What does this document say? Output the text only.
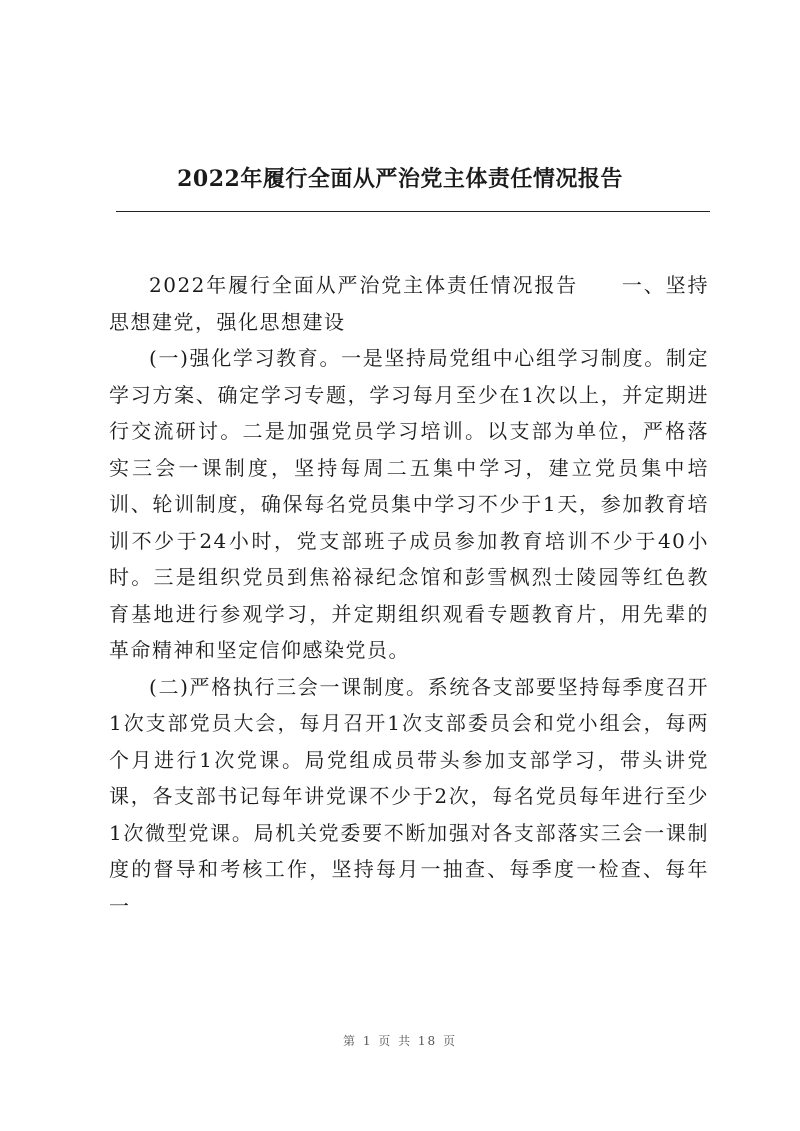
2022年履行全面从严治党主体责任情况报告

2022年履行全面从严治党主体责任情况报告　　一、坚持思想建党，强化思想建设

(一)强化学习教育。一是坚持局党组中心组学习制度。制定学习方案、确定学习专题，学习每月至少在1次以上，并定期进行交流研讨。二是加强党员学习培训。以支部为单位，严格落实三会一课制度，坚持每周二五集中学习，建立党员集中培训、轮训制度，确保每名党员集中学习不少于1天，参加教育培训不少于24小时，党支部班子成员参加教育培训不少于40小时。三是组织党员到焦裕禄纪念馆和彭雪枫烈士陵园等红色教育基地进行参观学习，并定期组织观看专题教育片，用先辈的革命精神和坚定信仰感染党员。

(二)严格执行三会一课制度。系统各支部要坚持每季度召开1次支部党员大会，每月召开1次支部委员会和党小组会，每两个月进行1次党课。局党组成员带头参加支部学习，带头讲党课，各支部书记每年讲党课不少于2次，每名党员每年进行至少1次微型党课。局机关党委要不断加强对各支部落实三会一课制度的督导和考核工作，坚持每月一抽查、每季度一检查、每年一

第 1 页 共 18 页
